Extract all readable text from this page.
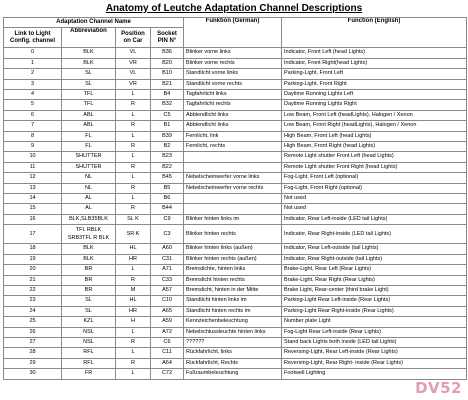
Anatomy of Leutche Adaptation Channel Descriptions
Adaptation Channel Name				Funktion (German)	Function (English)
Link to Light Config. channel	Abbreviation	Position on Car	Socket PIN N°		
0	BLK	VL	B36	Blinker vorne links	Indicator, Front Left (head Lights)
1	BLK	VR	B20	Blinker vorne rechts	Indicator, Front Right(head Lights)
2	SL	VL	B10	Standlicht vorne links	Parking-Light, Front Left
3	SL	VR	B21	Standlicht vorne rechts	Parking-Light, Front Right
4	TFL	L	B4	Tagfahrlicht links	Daytime Running Lights Left
5	TFL	R	B32	Tagfahrlicht rechts	Daytime Running Lights Right
6	ABL	L	C5	Abblendlicht links	Low Beam, Front Left (headLights), Halogen / Xenon
7	ABL	R	B1	Abblendlicht links	Low Beam, Front Right (headLights), Halogen / Xenon
8	FL	L	B39	Fernlicht, link	High Beam, Front Left (head Lights)
9	FL	R	B2	Fernlicht, rechts	High Beam, Front Right (head Lights)
10	SHUTTER	L	B23		Remote Light shutter Front Left (head Lights)
11	SHUTTER	R	B22		Remote Light shutter Front Right (head Lights)
12	NL	L	B45	Nebelscheinwerfer vorne links	Fog-Light, Front Left (optional)
13	NL	R	B5	Nebelscheinwerfer vorne rechts	Fog-Light, Front Right (optional)
14	AL	L	B6		Not used
15	AL	R	B44		Not used
16	BLK,SLB35BLK	SL K	C9	Blinker hinten links im	Indicator, Rear Left-inside (LED tail Lights)
17	TFL RBLK SRB3TFL R BLK	SR K	C3	Blinker hinten rechts	Indicator, Rear Right-inside (LED tail Lights)
18	BLK	HL	A60	Blinker hinten links (außen)	Indicator, Rear Left-outside (tail Lights)
19	BLK	HR	C31	Blinker hinten rechts (außen)	Indicator, Rear Right-outside (tail Lights)
20	BR	L	A71	Bremslichte, hinten links	Brake-Light, Rear Left (Rear Lights)
21	BR	R	C33	Bremslicht hinten rechts	Brake-Light, Rear Right (Rear Lights)
22	BR	M	A57	Bremslicht, hinten in der Mitte	Brake Light, Rear-center (third brake Light)
23	SL	HL	C10	Standlicht hinten links im	Parking-Light Rear Left-inside (Rear Lights)
24	SL	HR	A65	Standlicht hinten rechts im	Parking-Light Rear Right-inside (Rear Lights)
25	KZL	H	A59	Kennzeichenbeleuchtung	Number plate Light
26	NSL	L	A72	Nebelschlussleuchte hinten links	Fog-Light Rear Left-inside (Rear Lights)
27	NSL	R	C6	??????	Stand back Lights both inside (LED tail Lights)
28	RFL	L	C11	Rückfahrlicht, links	Reversing-Light, Rear Left-inside (Rear Lights)
29	RFL	R	A64	Rückfahrlicht, Rechts	Reversing-Light, Rear Right- inside (Rear Lights)
30	FR	L	C72	Fußraumbeleuchtung	Footwell Lighting
DV52
